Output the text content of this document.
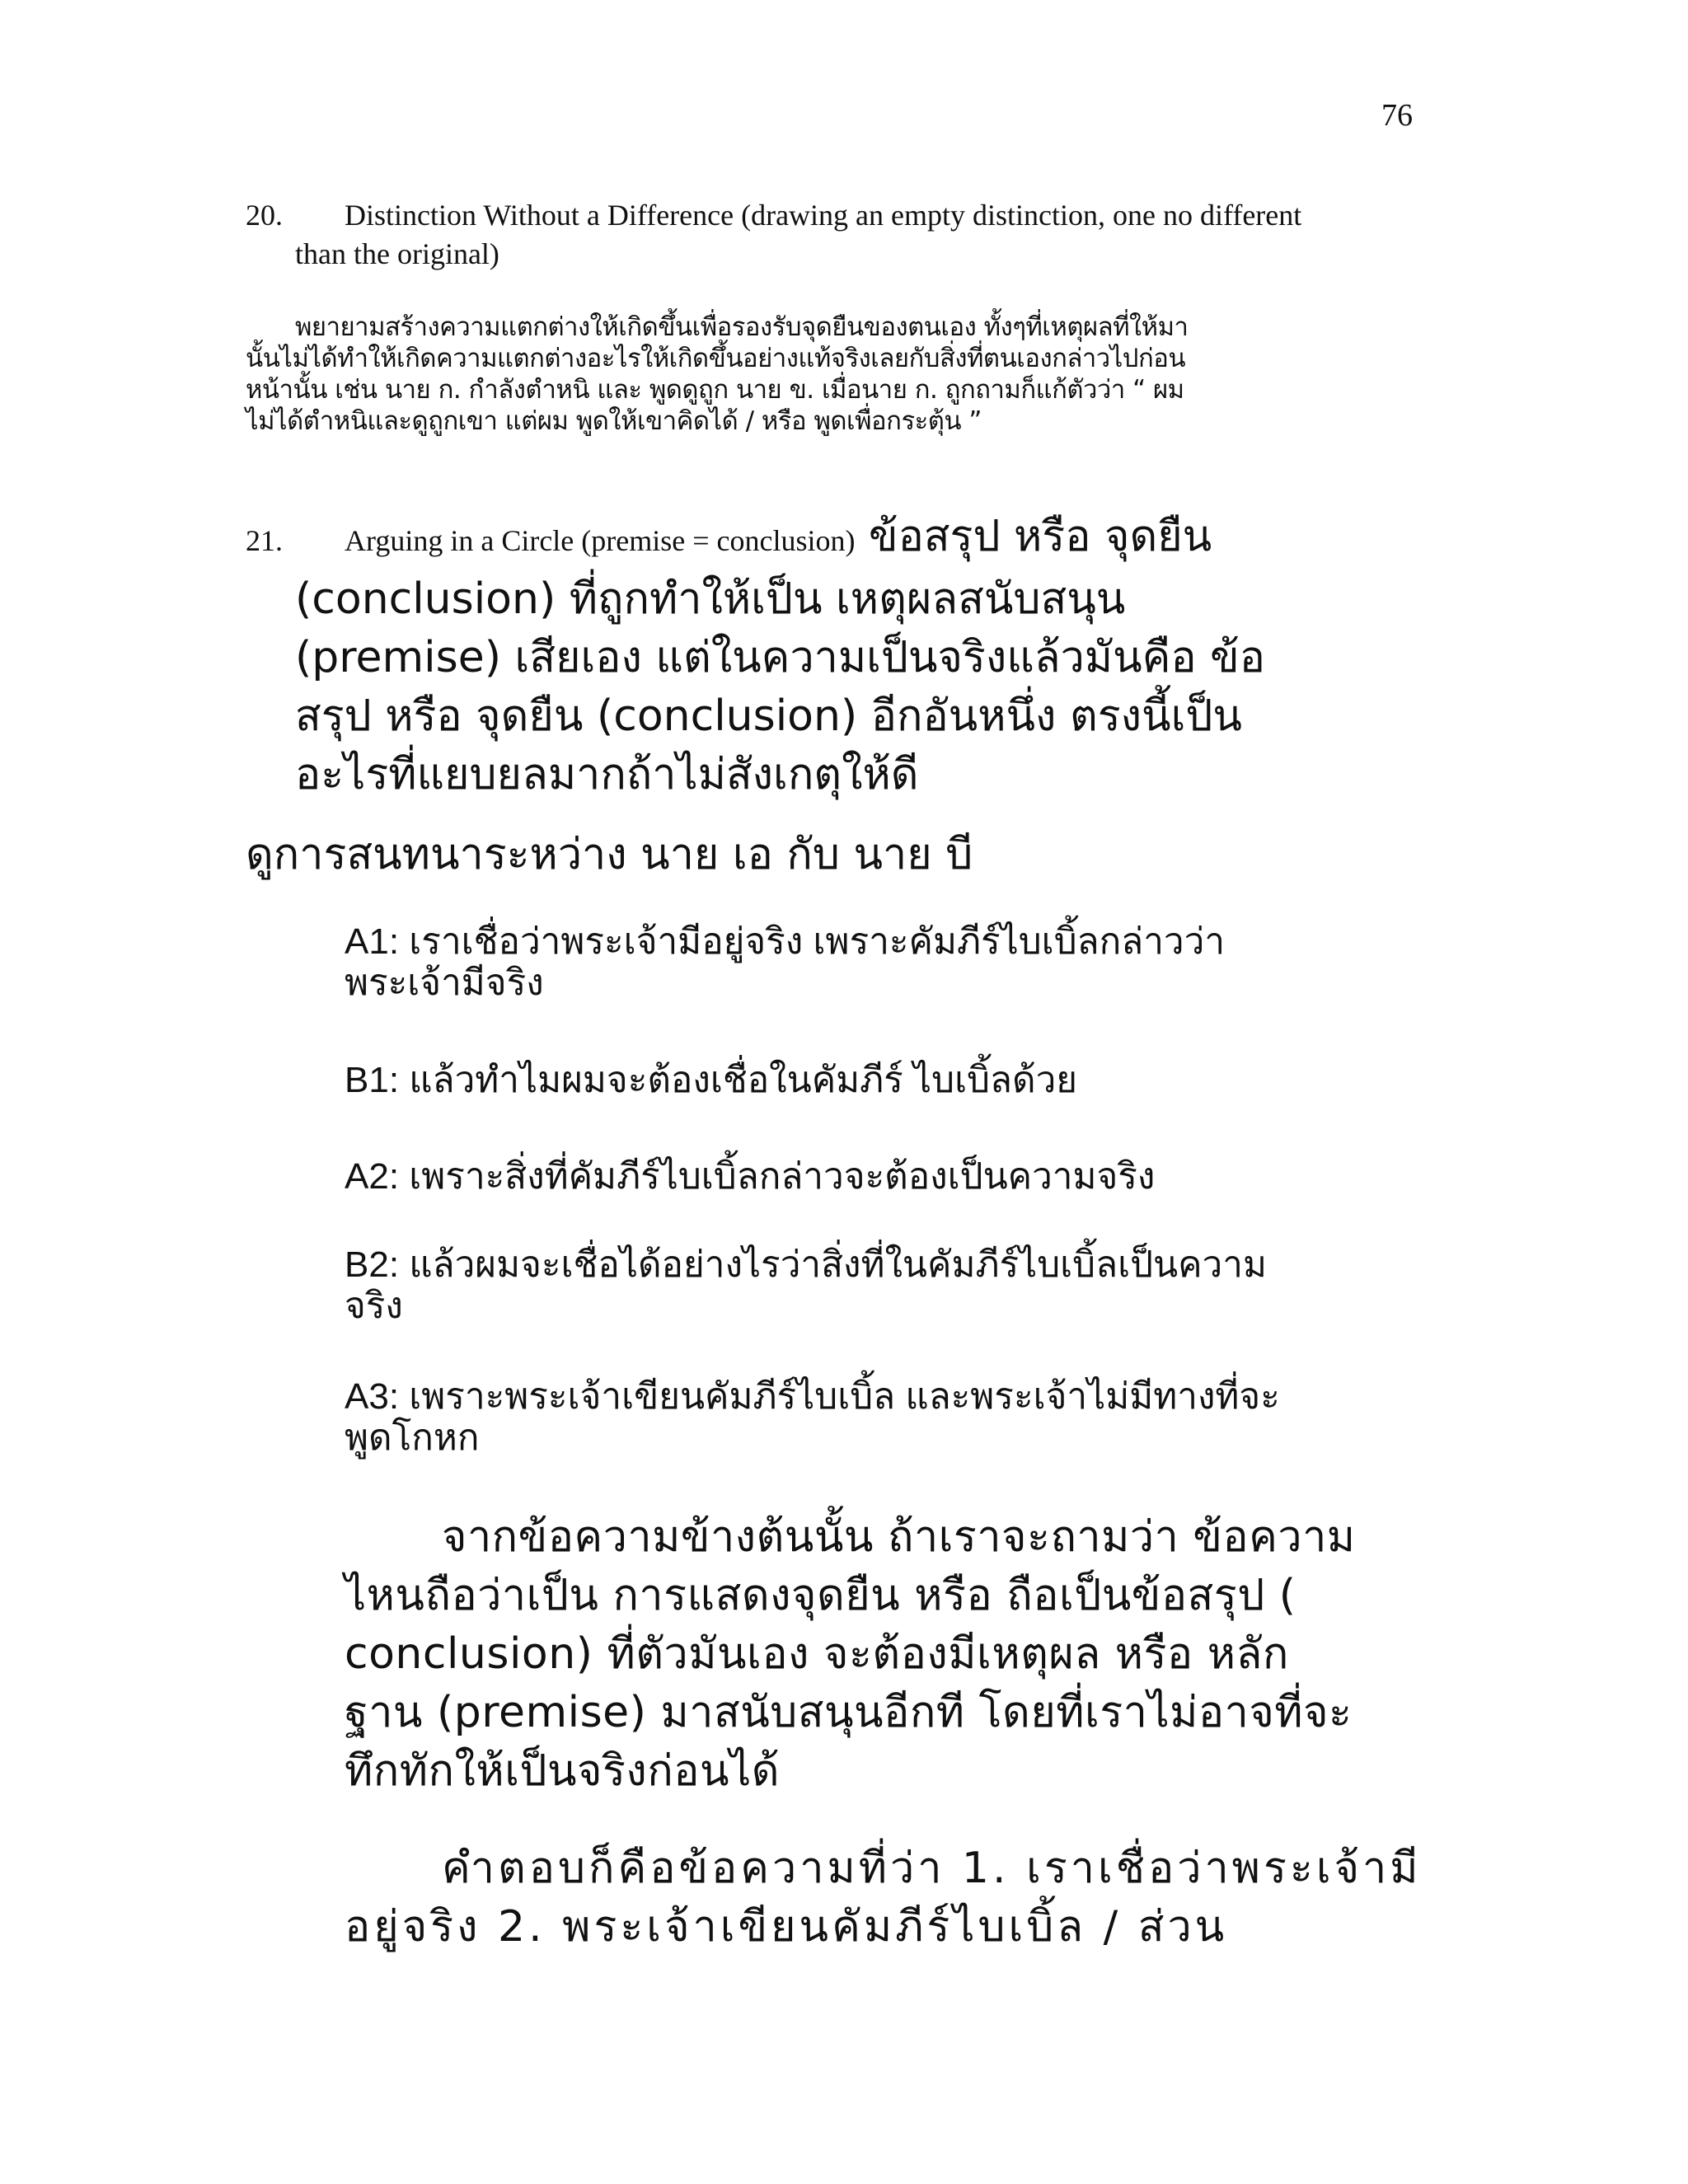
76
20. Distinction Without a Difference (drawing an empty distinction, one no different
than the original)
พยายามสร้างความแตกต่างให้เกิดขึ้นเพื่อรองรับจุดยืนของตนเอง ทั้งๆที่เหตุผลที่ให้มา
นั้นไม่ได้ทำให้เกิดความแตกต่างอะไรให้เกิดขึ้นอย่างแท้จริงเลยกับสิ่งที่ตนเองกล่าวไปก่อน
หน้านั้น เช่น นาย ก. กำลังตำหนิ และ พูดดูถูก นาย ข. เมื่อนาย ก. ถูกถามก็แก้ตัวว่า “ ผม
ไม่ได้ตำหนิและดูถูกเขา แต่ผม พูดให้เขาคิดได้ / หรือ พูดเพื่อกระตุ้น ”
21. Arguing in a Circle (premise = conclusion) ข้อสรุป หรือ จุดยืน
(conclusion) ที่ถูกทำให้เป็น เหตุผลสนับสนุน
(premise) เสียเอง แต่ในความเป็นจริงแล้วมันคือ ข้อ
สรุป หรือ จุดยืน (conclusion) อีกอันหนึ่ง ตรงนี้เป็น
อะไรที่แยบยลมากถ้าไม่สังเกตุให้ดี
ดูการสนทนาระหว่าง นาย เอ กับ นาย บี
A1: เราเชื่อว่าพระเจ้ามีอยู่จริง เพราะคัมภีร์ไบเบิ้ลกล่าวว่า
พระเจ้ามีจริง
B1: แล้วทำไมผมจะต้องเชื่อในคัมภีร์ ไบเบิ้ลด้วย
A2: เพราะสิ่งที่คัมภีร์ไบเบิ้ลกล่าวจะต้องเป็นความจริง
B2: แล้วผมจะเชื่อได้อย่างไรว่าสิ่งที่ในคัมภีร์ไบเบิ้ลเป็นความ
จริง
A3: เพราะพระเจ้าเขียนคัมภีร์ไบเบิ้ล และพระเจ้าไม่มีทางที่จะ
พูดโกหก
จากข้อความข้างต้นนั้น ถ้าเราจะถามว่า ข้อความ
ไหนถือว่าเป็น การแสดงจุดยืน หรือ ถือเป็นข้อสรุป (
conclusion) ที่ตัวมันเอง จะต้องมีเหตุผล หรือ หลัก
ฐาน (premise) มาสนับสนุนอีกที โดยที่เราไม่อาจที่จะ
ทึกทักให้เป็นจริงก่อนได้
คำตอบก็คือข้อความที่ว่า 1. เราเชื่อว่าพระเจ้ามี
อยู่จริง 2. พระเจ้าเขียนคัมภีร์ไบเบิ้ล / ส่วน
